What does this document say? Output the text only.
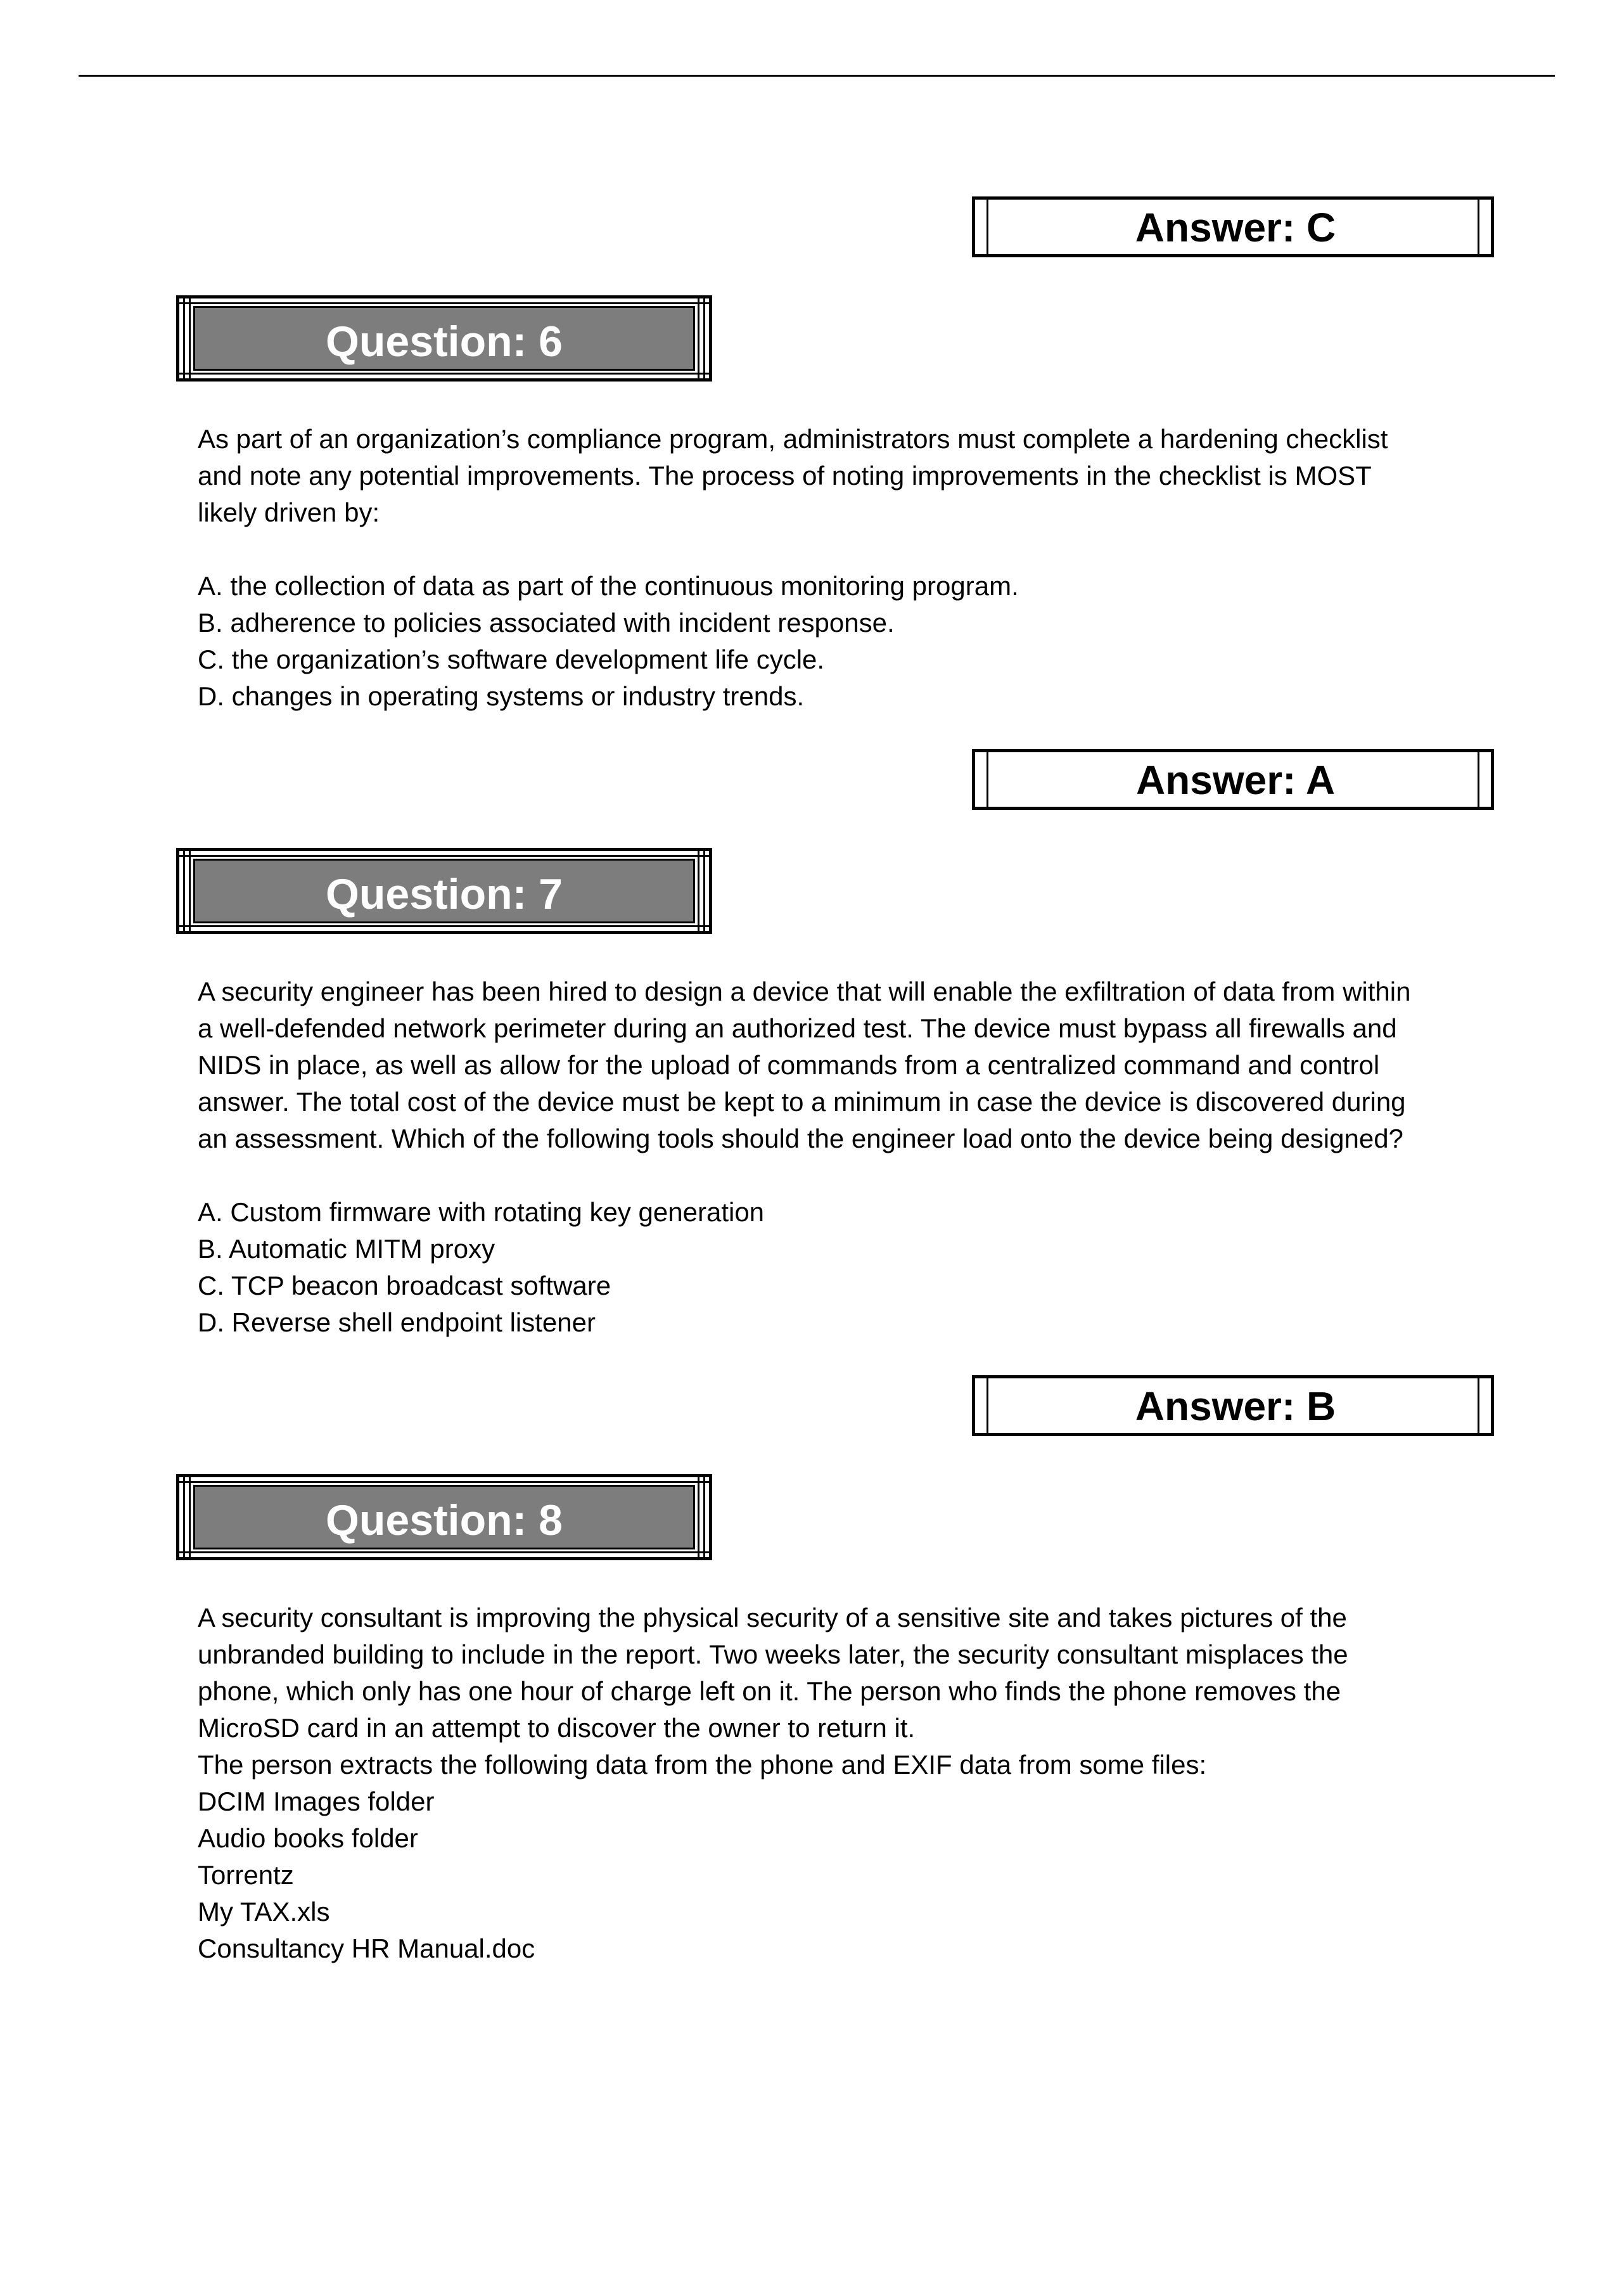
Answer: C
Question: 6

As part of an organization’s compliance program, administrators must complete a hardening checklist

and note any potential improvements. The process of noting improvements in the checklist is MOST

likely driven by:

A. the collection of data as part of the continuous monitoring program.

B. adherence to policies associated with incident response.

C. the organization’s software development life cycle.

D. changes in operating systems or industry trends.

Answer: A
Question: 7

A security engineer has been hired to design a device that will enable the exfiltration of data from within

a well-defended network perimeter during an authorized test. The device must bypass all firewalls and

NIDS in place, as well as allow for the upload of commands from a centralized command and control

answer. The total cost of the device must be kept to a minimum in case the device is discovered during

an assessment. Which of the following tools should the engineer load onto the device being designed?

A. Custom firmware with rotating key generation

B. Automatic MITM proxy

C. TCP beacon broadcast software

D. Reverse shell endpoint listener

Answer: B
Question: 8

A security consultant is improving the physical security of a sensitive site and takes pictures of the

unbranded building to include in the report. Two weeks later, the security consultant misplaces the

phone, which only has one hour of charge left on it. The person who finds the phone removes the

MicroSD card in an attempt to discover the owner to return it.

The person extracts the following data from the phone and EXIF data from some files:

DCIM Images folder

Audio books folder

Torrentz

My TAX.xls

Consultancy HR Manual.doc
